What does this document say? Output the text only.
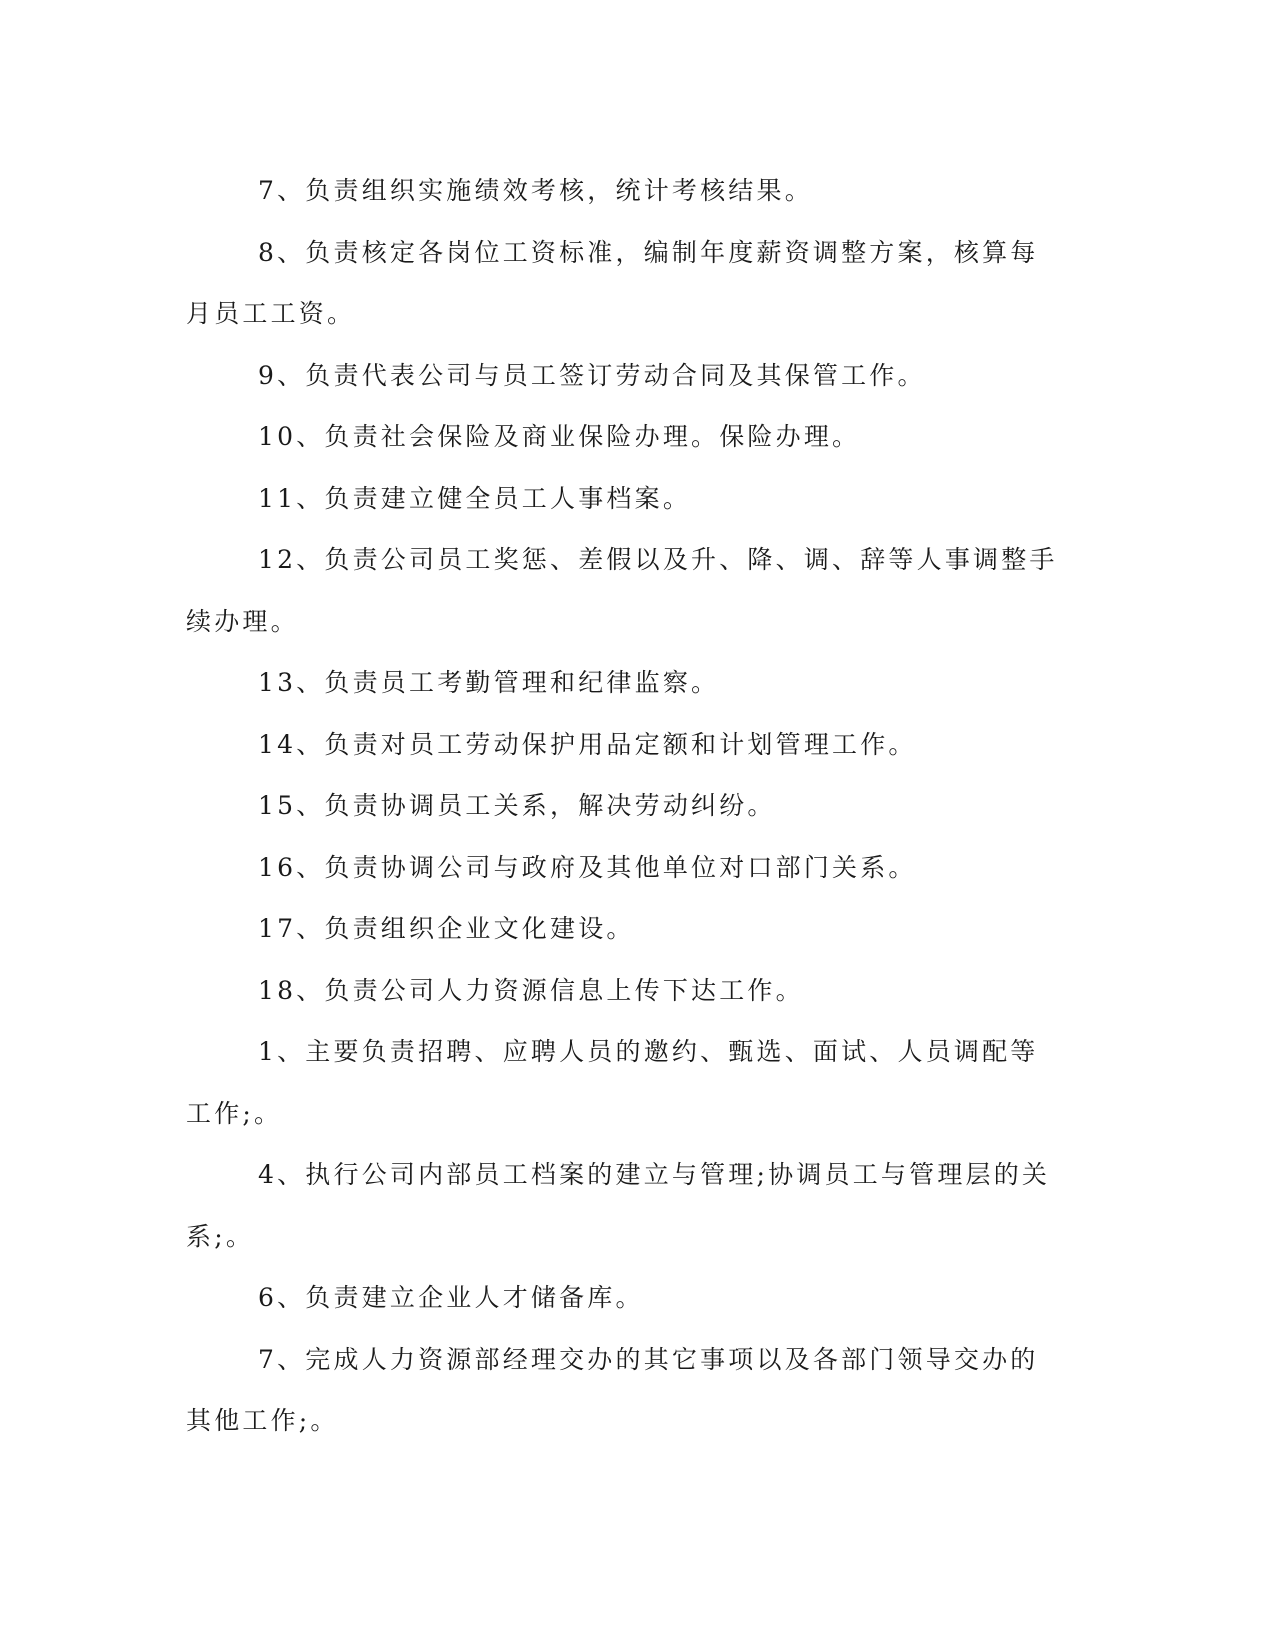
7、负责组织实施绩效考核，统计考核结果。

8、负责核定各岗位工资标准，编制年度薪资调整方案，核算每月员工工资。

9、负责代表公司与员工签订劳动合同及其保管工作。

10、负责社会保险及商业保险办理。保险办理。

11、负责建立健全员工人事档案。

12、负责公司员工奖惩、差假以及升、降、调、辞等人事调整手续办理。

13、负责员工考勤管理和纪律监察。

14、负责对员工劳动保护用品定额和计划管理工作。

15、负责协调员工关系，解决劳动纠纷。

16、负责协调公司与政府及其他单位对口部门关系。

17、负责组织企业文化建设。

18、负责公司人力资源信息上传下达工作。

1、主要负责招聘、应聘人员的邀约、甄选、面试、人员调配等工作;。

4、执行公司内部员工档案的建立与管理;协调员工与管理层的关系;。

6、负责建立企业人才储备库。

7、完成人力资源部经理交办的其它事项以及各部门领导交办的其他工作;。
